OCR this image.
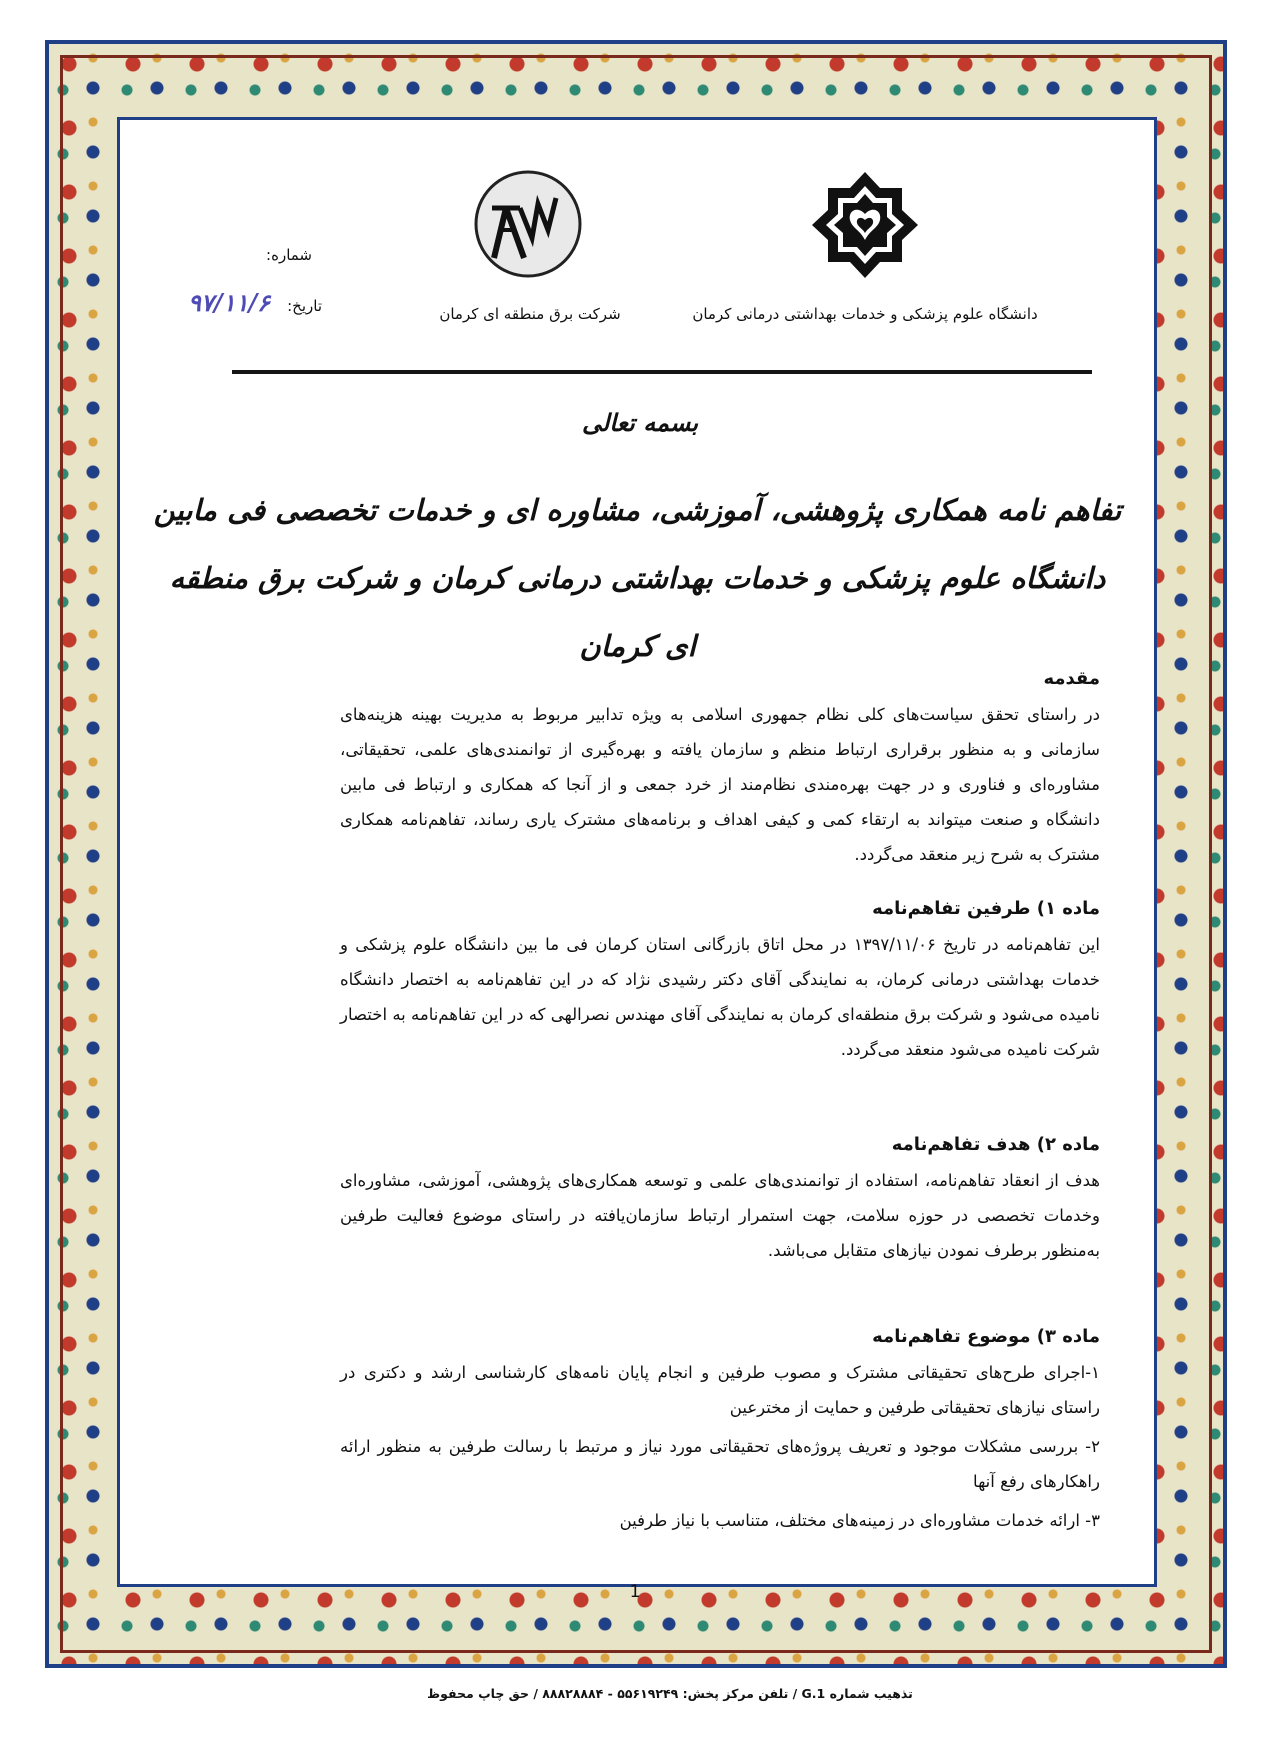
دانشگاه علوم پزشکی و خدمات بهداشتی درمانی کرمان
شرکت برق منطقه ای کرمان
شماره:
تاریخ:
۹۷/۱۱/۶
بسمه تعالی
تفاهم نامه همکاری پژوهشی، آموزشی، مشاوره ای و خدمات تخصصی فی مابین دانشگاه علوم پزشکی و خدمات بهداشتی درمانی کرمان و شرکت برق منطقه ای کرمان

مقدمه

در راستای تحقق سیاست‌های کلی نظام جمهوری اسلامی به ویژه تدابیر مربوط به مدیریت بهینه هزینه‌های سازمانی و به منظور برقراری ارتباط منظم و سازمان یافته و بهره‌گیری از توانمندی‌های علمی، تحقیقاتی، مشاوره‌ای و فناوری و در جهت بهره‌مندی نظام‌مند از خرد جمعی و از آنجا که همکاری و ارتباط فی مابین دانشگاه و صنعت میتواند به ارتقاء کمی و کیفی اهداف و برنامه‌های مشترک یاری رساند، تفاهم‌نامه همکاری مشترک به شرح زیر منعقد می‌گردد.

ماده ۱) طرفین تفاهم‌نامه

این تفاهم‌نامه در تاریخ ۱۳۹۷/۱۱/۰۶ در محل اتاق بازرگانی استان کرمان فی ما بین دانشگاه علوم پزشکی و خدمات بهداشتی درمانی کرمان، به نمایندگی آقای دکتر رشیدی نژاد که در این تفاهم‌نامه به اختصار دانشگاه نامیده می‌شود و شرکت برق منطقه‌ای کرمان به نمایندگی آقای مهندس نصرالهی که در این تفاهم‌نامه به اختصار شرکت نامیده می‌شود منعقد می‌گردد.

ماده ۲) هدف تفاهم‌نامه

هدف از انعقاد تفاهم‌نامه، استفاده از توانمندی‌های علمی و توسعه همکاری‌های پژوهشی، آموزشی، مشاوره‌ای وخدمات تخصصی در حوزه سلامت، جهت استمرار ارتباط سازمان‌یافته در راستای موضوع فعالیت طرفین به‌منظور برطرف نمودن نیازهای متقابل می‌باشد.

ماده ۳) موضوع تفاهم‌نامه

۱-اجرای طرح‌های تحقیقاتی مشترک و مصوب طرفین و انجام پایان نامه‌های کارشناسی ارشد و دکتری در راستای نیازهای تحقیقاتی طرفین و حمایت از مخترعین

۲- بررسی مشکلات موجود و تعریف پروژه‌های تحقیقاتی مورد نیاز و مرتبط با رسالت طرفین به منظور ارائه راهکارهای رفع آنها

۳- ارائه خدمات مشاوره‌ای در زمینه‌های مختلف، متناسب با نیاز طرفین

1
تذهیب شماره G.1 / تلفن مرکز پخش: ۵۵۶۱۹۲۴۹ - ۸۸۸۲۸۸۸۴ / حق چاپ محفوظ
